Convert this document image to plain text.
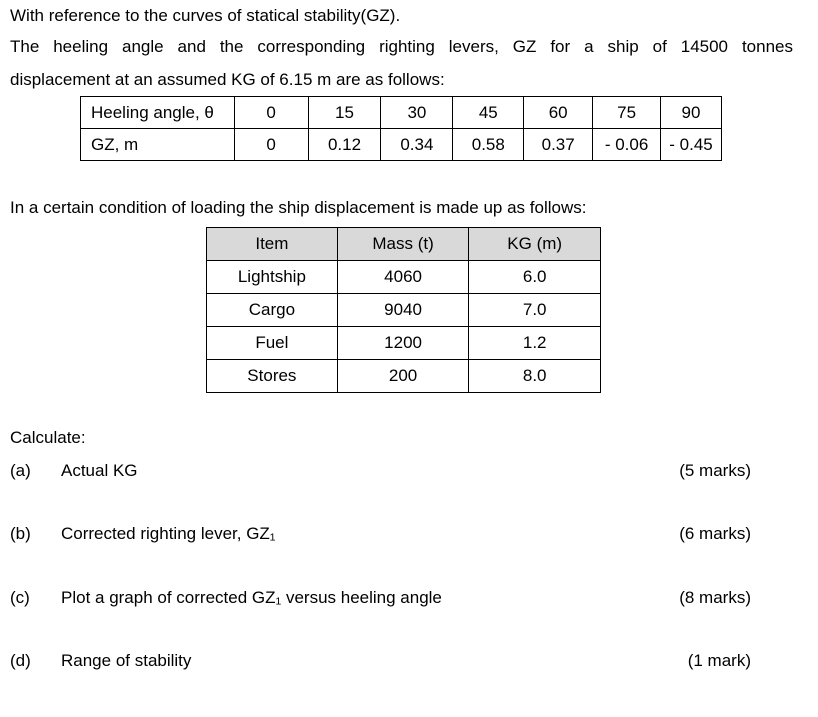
With reference to the curves of statical stability(GZ).
The heeling angle and the corresponding righting levers, GZ for a ship of 14500 tonnes
displacement at an assumed KG of 6.15 m are as follows:
Heeling angle, θ	0	15	30	45	60	75	90
GZ, m	0	0.12	0.34	0.58	0.37	- 0.06	- 0.45
In a certain condition of loading the ship displacement is made up as follows:
Item	Mass (t)	KG (m)
Lightship	4060	6.0
Cargo	9040	7.0
Fuel	1200	1.2
Stores	200	8.0
Calculate:
(a) Actual KG	(5 marks)
(b) Corrected righting lever, GZ₁	(6 marks)
(c) Plot a graph of corrected GZ₁ versus heeling angle	(8 marks)
(d) Range of stability	(1 mark)
